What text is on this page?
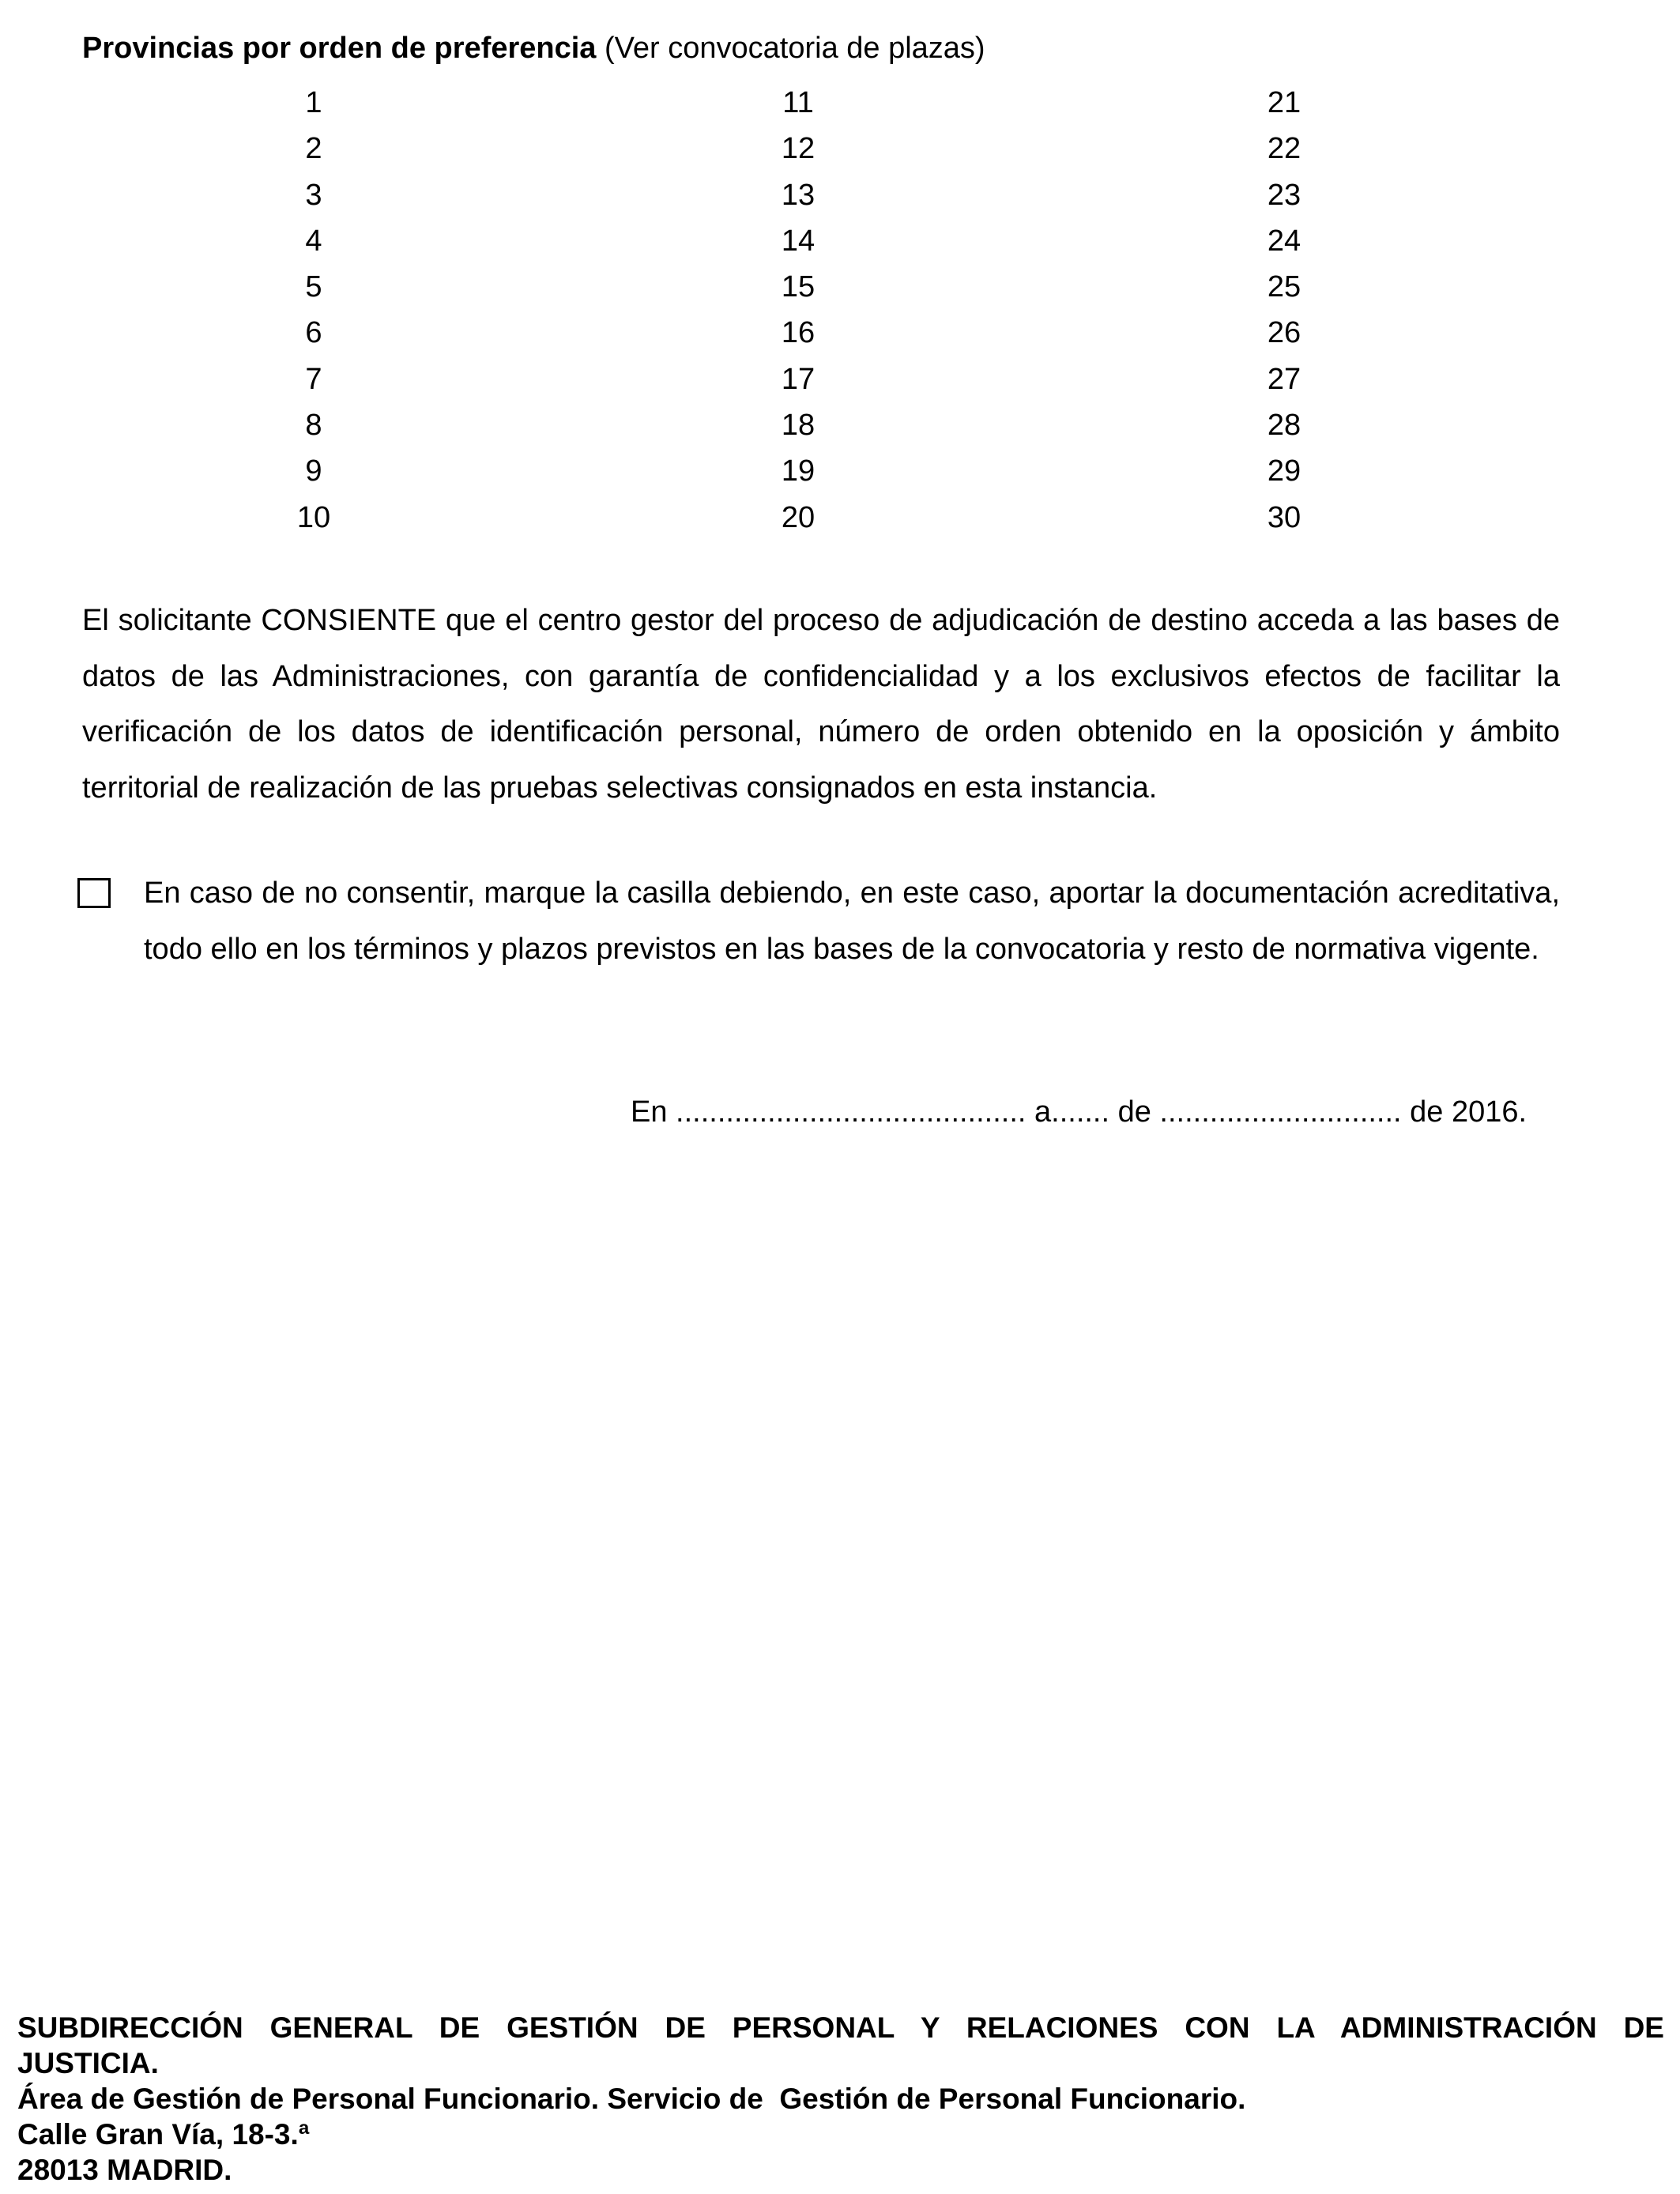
Provincias por orden de preferencia (Ver convocatoria de plazas)
1
2
3
4
5
6
7
8
9
10
11
12
13
14
15
16
17
18
19
20
21
22
23
24
25
26
27
28
29
30

El solicitante CONSIENTE que el centro gestor del proceso de adjudicación de destino acceda a las bases de datos de las Administraciones, con garantía de confidencialidad y a los exclusivos efectos de facilitar la verificación de los datos de identificación personal, número de orden obtenido en la oposición y ámbito territorial de realización de las pruebas selectivas consignados en esta instancia.

En caso de no consentir, marque la casilla debiendo, en este caso, aportar la documentación acreditativa, todo ello en los términos y plazos previstos en las bases de la convocatoria y resto de normativa vigente.

En .......................................... a....... de ............................. de 2016.
SUBDIRECCIÓN GENERAL DE GESTIÓN DE PERSONAL Y RELACIONES CON LA ADMINISTRACIÓN DE
JUSTICIA.
Área de Gestión de Personal Funcionario. Servicio de  Gestión de Personal Funcionario.
Calle Gran Vía, 18-3.ª
28013 MADRID.
